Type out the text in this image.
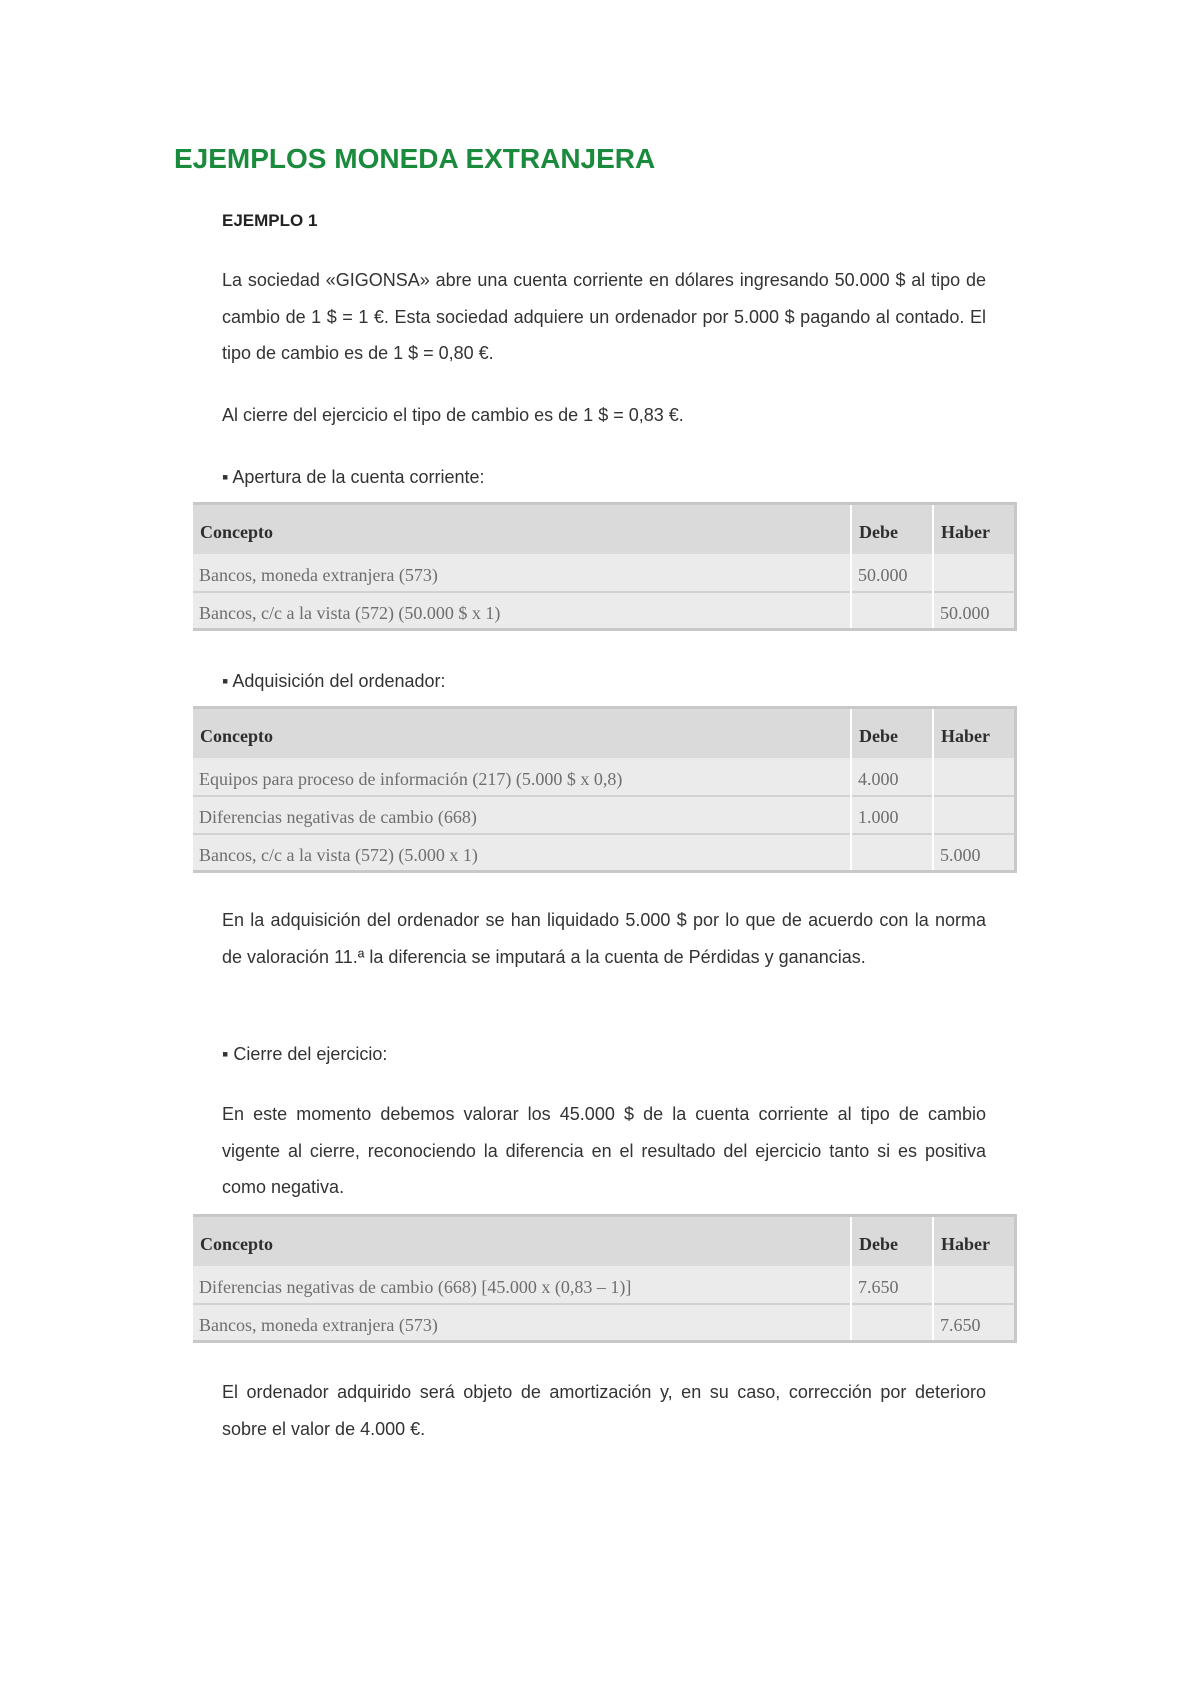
EJEMPLOS MONEDA EXTRANJERA
EJEMPLO 1

La sociedad «GIGONSA» abre una cuenta corriente en dólares ingresando 50.000 $ al tipo de cambio de 1 $ = 1 €. Esta sociedad adquiere un ordenador por 5.000 $ pagando al contado. El tipo de cambio es de 1 $ = 0,80 €.

Al cierre del ejercicio el tipo de cambio es de 1 $ = 0,83 €.

▪ Apertura de la cuenta corriente:

Concepto	Debe	Haber
Bancos, moneda extranjera (573)	50.000	
Bancos, c/c a la vista (572) (50.000 $ x 1)		50.000

▪ Adquisición del ordenador:

Concepto	Debe	Haber
Equipos para proceso de información (217) (5.000 $ x 0,8)	4.000	
Diferencias negativas de cambio (668)	1.000	
Bancos, c/c a la vista (572) (5.000 x 1)		5.000

En la adquisición del ordenador se han liquidado 5.000 $ por lo que de acuerdo con la norma de valoración 11.ª la diferencia se imputará a la cuenta de Pérdidas y ganancias.

▪ Cierre del ejercicio:

En este momento debemos valorar los 45.000 $ de la cuenta corriente al tipo de cambio vigente al cierre, reconociendo la diferencia en el resultado del ejercicio tanto si es positiva como negativa.

Concepto	Debe	Haber
Diferencias negativas de cambio (668) [45.000 x (0,83 – 1)]	7.650	
Bancos, moneda extranjera (573)		7.650

El ordenador adquirido será objeto de amortización y, en su caso, corrección por deterioro sobre el valor de 4.000 €.
